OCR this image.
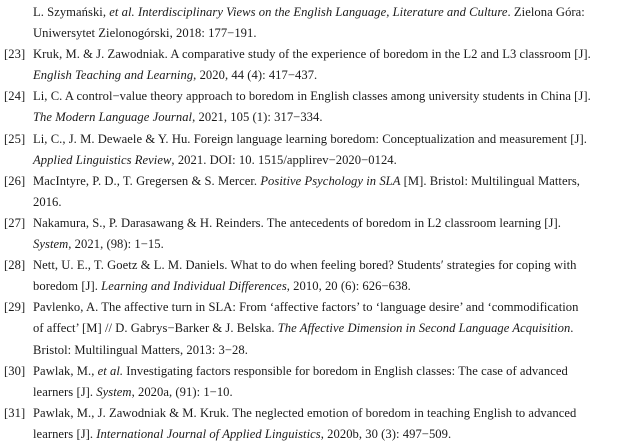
L. Szymański, et al. Interdisciplinary Views on the English Language, Literature and Culture. Zielona Góra:
Uniwersytet Zielonogórski, 2018: 177−191.
[23] Kruk, M. & J. Zawodniak. A comparative study of the experience of boredom in the L2 and L3 classroom [J].
English Teaching and Learning, 2020, 44 (4): 417−437.
[24] Li, C. A control−value theory approach to boredom in English classes among university students in China [J].
The Modern Language Journal, 2021, 105 (1): 317−334.
[25] Li, C., J. M. Dewaele & Y. Hu. Foreign language learning boredom: Conceptualization and measurement [J].
Applied Linguistics Review, 2021. DOI: 10. 1515/applirev−2020−0124.
[26] MacIntyre, P. D., T. Gregersen & S. Mercer. Positive Psychology in SLA [M]. Bristol: Multilingual Matters,
2016.
[27] Nakamura, S., P. Darasawang & H. Reinders. The antecedents of boredom in L2 classroom learning [J].
System, 2021, (98): 1−15.
[28] Nett, U. E., T. Goetz & L. M. Daniels. What to do when feeling bored? Students′ strategies for coping with
boredom [J]. Learning and Individual Differences, 2010, 20 (6): 626−638.
[29] Pavlenko, A. The affective turn in SLA: From ‘affective factors’ to ‘language desire’ and ‘commodification
of affect’ [M] // D. Gabrys−Barker & J. Belska. The Affective Dimension in Second Language Acquisition.
Bristol: Multilingual Matters, 2013: 3−28.
[30] Pawlak, M., et al. Investigating factors responsible for boredom in English classes: The case of advanced
learners [J]. System, 2020a, (91): 1−10.
[31] Pawlak, M., J. Zawodniak & M. Kruk. The neglected emotion of boredom in teaching English to advanced
learners [J]. International Journal of Applied Linguistics, 2020b, 30 (3): 497−509.
